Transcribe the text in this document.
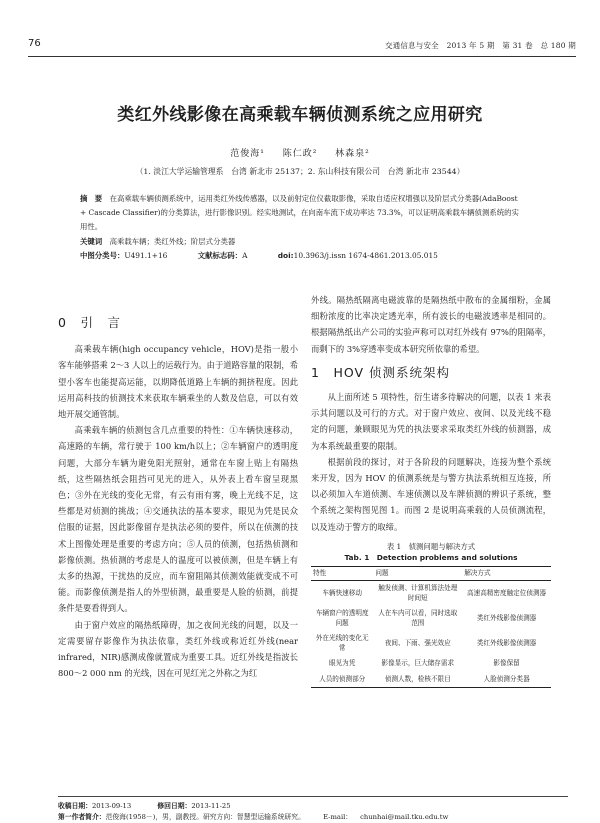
76	交通信息与安全　2013 年 5 期　第 31 卷　总 180 期
类红外线影像在高乘载车辆侦测系统之应用研究
范俊海¹ 陈仁政² 林森泉²
（1. 淡江大学运输管理系　台湾 新北市 25137；2. 东山科技有限公司　台湾 新北市 23544）

摘　要　 在高乘载车辆侦测系统中，运用类红外线传感器，以及前射定位仪截取影像，采取自适应权增强以及阶层式分类器(AdaBoost + Cascade Classifier)的分类算法，进行影像识别。经实地测试，在向南车流下成功率达 73.3%，可以证明高乘载车辆侦测系统的实用性。

关键词　 高乘载车辆；类红外线；阶层式分类器

中图分类号：U491.1+16	文献标志码：A	doi:10.3963/j.issn 1674-4861.2013.05.015

0　引　言

高乘载车辆(high occupancy vehicle，HOV)是指一般小客车能够搭乘 2～3 人以上的运载行为。由于道路容量的限制，希望小客车也能提高运能，以期降低道路上车辆的拥挤程度。因此运用高科技的侦测技术来获取车辆乘坐的人数及信息，可以有效地开展交通管制。

高乘载车辆的侦测包含几点重要的特性：①车辆快速移动，高速路的车辆，常行驶于 100 km/h以上；②车辆窗户的透明度问题，大部分车辆为避免阳光照射，通常在车窗上贴上有隔热纸，这些隔热纸会阻挡可见光的进入，从外表上看车窗呈现黑色；③外在光线的变化无常，有云有雨有雾，晚上光线不足，这些都是对侦测的挑战；④交通执法的基本要求，眼见为凭是民众信服的证据，因此影像留存是执法必须的要件，所以在侦测的技术上图像处理是重要的考虑方向；⑤人员的侦测，包括热侦测和影像侦测。热侦测的考虑是人的温度可以被侦测，但是车辆上有太多的热源，干扰热的反应，而车窗阻隔其侦测效能就变成不可能。而影像侦测是指人的外型侦测，最重要是人脸的侦测，前提条件是要看得到人。

由于窗户效应的隔热纸障碍，加之夜间光线的问题，以及一定需要留存影像作为执法依靠，类红外线或称近红外线(near infrared，NIR)感测成像就置成为重要工具。近红外线是指波长 800～2 000 nm 的光线，因在可见红光之外称之为红

外线。隔热纸隔离电磁波靠的是隔热纸中散布的金属细粉，金属细粉浓度的比率决定透光率，所有波长的电磁波透率是相同的。根据隔热纸出产公司的实验声称可以对红外线有 97%的阻隔率，而剩下的 3%穿透率变成本研究所依靠的希望。

1　HOV 侦测系统架构

从上面所述 5 项特性，衍生诸多待解决的问题，以表 1 来表示其问题以及可行的方式。对于窗户效应、夜间、以及光线不稳定的问题，兼顾眼见为凭的执法要求采取类红外线的侦测器，成为本系统最重要的限制。

根据前段的探讨，对于各阶段的问题解决，连接为整个系统来开发，因为 HOV 的侦测系统是与警方执法系统相互连接，所以必须加入车道侦测、车速侦测以及车牌侦测的辨识子系统，整个系统之架构图见图 1。而图 2 是说明高乘载的人员侦测流程，以及连动于警方的取缔。

表 1　侦测问题与解决方式
Tab. 1　Detection problems and solutions
特性	问题	解决方式
车辆快速移动	触发侦测、计算机算法处理时间短	高速高精密度触定位侦测器
车辆窗户的透明度问题	人在车内可以看，同时选取范围	类红外线影像侦测器
外在光线的变化无常	夜间、下雨、强光效应	类红外线影像侦测器
眼见为凭	影像显示，巨大储存需求	影像保留
人员的侦测部分	侦测人数，检核不限目	人脸侦测分类器
收稿日期：2013-09-13	修回日期：2013-11-25
第一作者简介：范俊海(1958－)，男，副教授。研究方向：智慧型运输系统研究。	E-mail： chunhai@mail.tku.edu.tw
